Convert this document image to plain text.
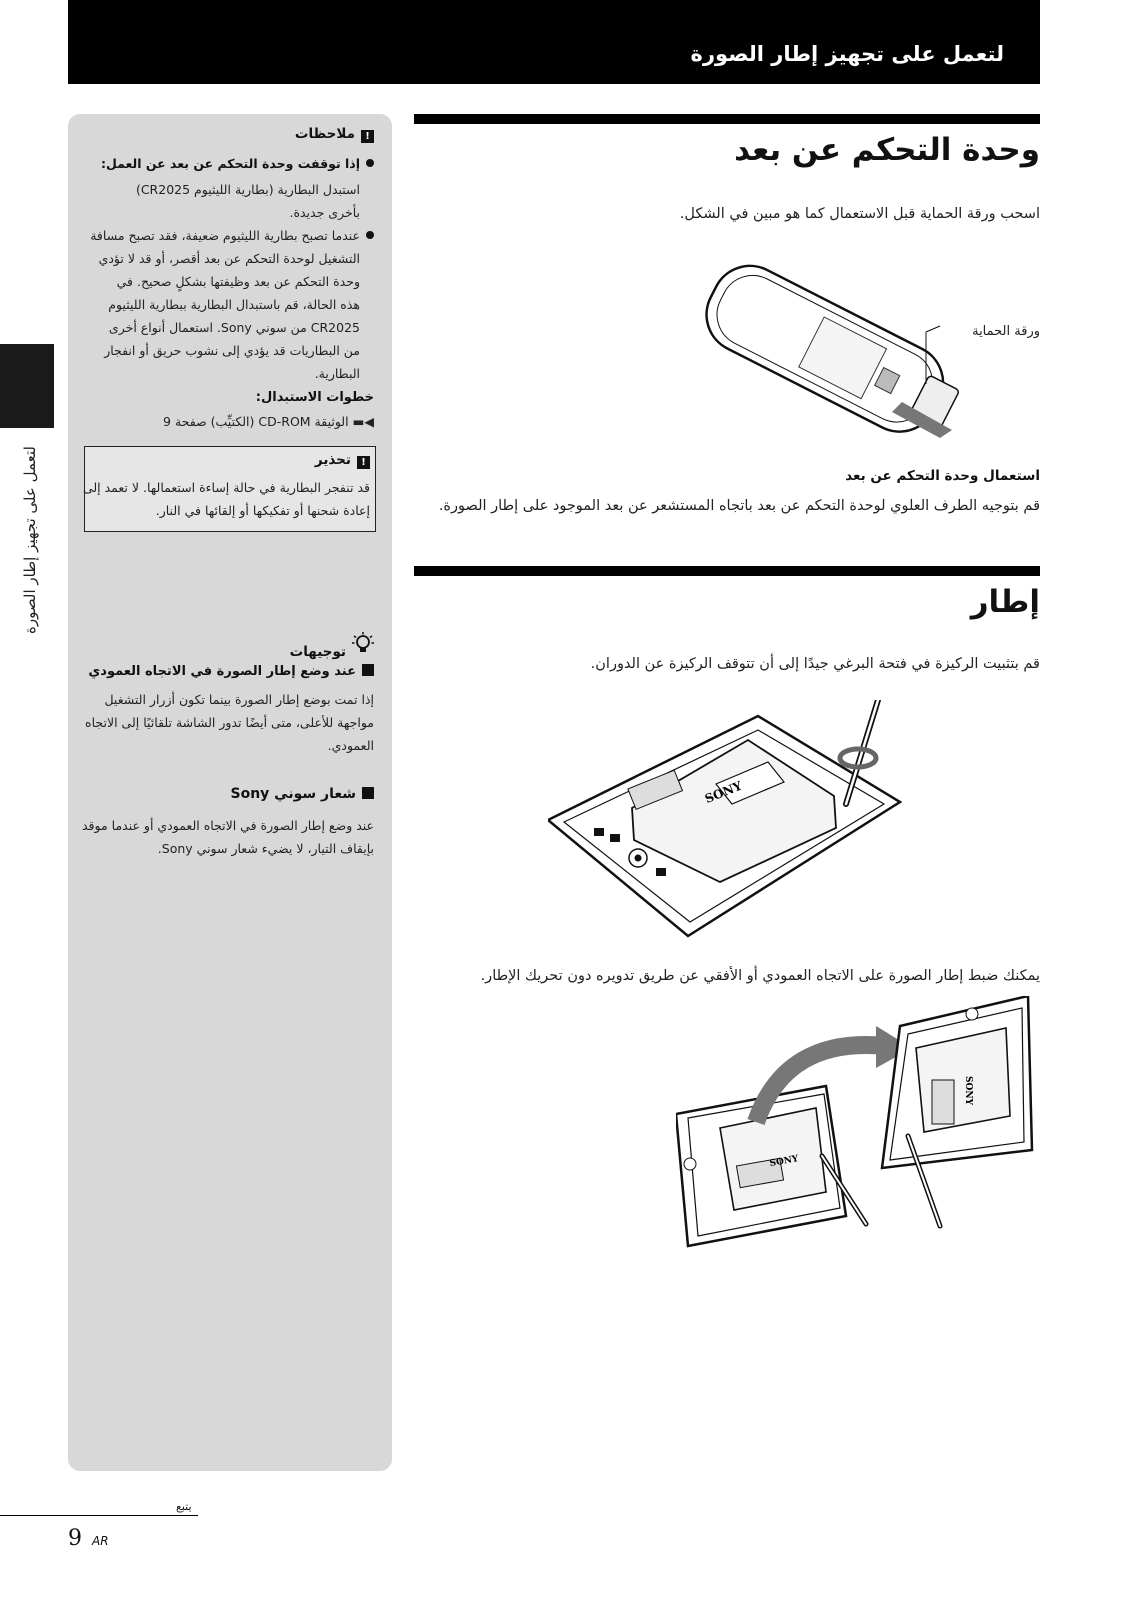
لتعمل على تجهيز إطار الصورة
لتعمل على تجهيز إطار الصورة
!ملاحظات
إذا توقفت وحدة التحكم عن بعد عن العمل:
استبدل البطارية (بطارية الليثيوم CR2025)
بأخرى جديدة.
عندما تصبح بطارية الليثيوم ضعيفة، فقد تصبح مسافة
التشغيل لوحدة التحكم عن بعد أقصر، أو قد لا تؤدي
وحدة التحكم عن بعد وظيفتها بشكلٍ صحيح. في
هذه الحالة، قم باستبدال البطارية ببطارية الليثيوم
CR2025 من سوني Sony. استعمال أنواع أخرى
من البطاريات قد يؤدي إلى نشوب حريق أو انفجار
البطارية.
خطوات الاستبدال:
◀▬ الوثيقة CD-ROM (الكتيِّب) صفحة 9
!تحذير
قد تنفجر البطارية في حالة إساءة استعمالها. لا تعمد إلى
إعادة شحنها أو تفكيكها أو إلقائها في النار.
توجيهات
عند وضع إطار الصورة في الاتجاه العمودي
إذا تمت بوضع إطار الصورة بينما تكون أزرار التشغيل
مواجهة للأعلى، متى أيضًا تدور الشاشة تلقائيًا إلى الاتجاه
العمودي.
شعار سوني Sony
عند وضع إطار الصورة في الاتجاه العمودي أو عندما موقد
بإيقاف التيار، لا يضيء شعار سوني Sony.
وحدة التحكم عن بعد
اسحب ورقة الحماية قبل الاستعمال كما هو مبين في الشكل.
ورقة الحماية
استعمال وحدة التحكم عن بعد
قم بتوجيه الطرف العلوي لوحدة التحكم عن بعد باتجاه المستشعر عن بعد الموجود على إطار الصورة.
إطار
قم بتثبيت الركيزة في فتحة البرغي جيدًا إلى أن تتوقف الركيزة عن الدوران.
SONY
يمكنك ضبط إطار الصورة على الاتجاه العمودي أو الأفقي عن طريق تدويره دون تحريك الإطار.
SONY
SONY
يتبع
9 AR
